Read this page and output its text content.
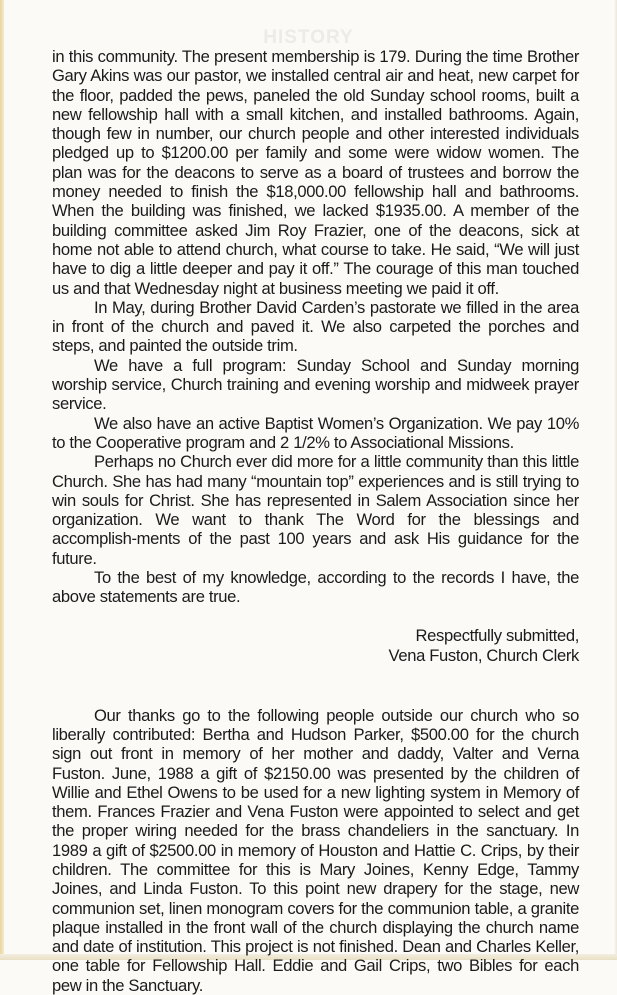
HISTORY

in this community. The present membership is 179. During the time Brother Gary Akins was our pastor, we installed central air and heat, new carpet for the floor, padded the pews, paneled the old Sunday school rooms, built a new fellowship hall with a small kitchen, and installed bathrooms. Again, though few in number, our church people and other interested individuals pledged up to $1200.00 per family and some were widow women. The plan was for the deacons to serve as a board of trustees and borrow the money needed to finish the $18,000.00 fellowship hall and bathrooms. When the building was finished, we lacked $1935.00. A member of the building committee asked Jim Roy Frazier, one of the deacons, sick at home not able to attend church, what course to take. He said, “We will just have to dig a little deeper and pay it off.” The courage of this man touched us and that Wednesday night at business meeting we paid it off.

In May, during Brother David Carden’s pastorate we filled in the area in front of the church and paved it. We also carpeted the porches and steps, and painted the outside trim.

We have a full program: Sunday School and Sunday morning worship service, Church training and evening worship and midweek prayer service.

We also have an active Baptist Women’s Organization. We pay 10% to the Cooperative program and 2 1/2% to Associational Missions.

Perhaps no Church ever did more for a little community than this little Church. She has had many “mountain top” experiences and is still trying to win souls for Christ. She has represented in Salem Association since her organization. We want to thank The Word for the blessings and accomplish-ments of the past 100 years and ask His guidance for the future.

To the best of my knowledge, according to the records I have, the above statements are true.

Respectfully submitted,
Vena Fuston, Church Clerk

Our thanks go to the following people outside our church who so liberally contributed: Bertha and Hudson Parker, $500.00 for the church sign out front in memory of her mother and daddy, Valter and Verna Fuston. June, 1988 a gift of $2150.00 was presented by the children of Willie and Ethel Owens to be used for a new lighting system in Memory of them. Frances Frazier and Vena Fuston were appointed to select and get the proper wiring needed for the brass chandeliers in the sanctuary. In 1989 a gift of $2500.00 in memory of Houston and Hattie C. Crips, by their children. The committee for this is Mary Joines, Kenny Edge, Tammy Joines, and Linda Fuston. To this point new drapery for the stage, new communion set, linen monogram covers for the communion table, a granite plaque installed in the front wall of the church displaying the church name and date of institution. This project is not finished. Dean and Charles Keller, one table for Fellowship Hall. Eddie and Gail Crips, two Bibles for each pew in the Sanctuary.
